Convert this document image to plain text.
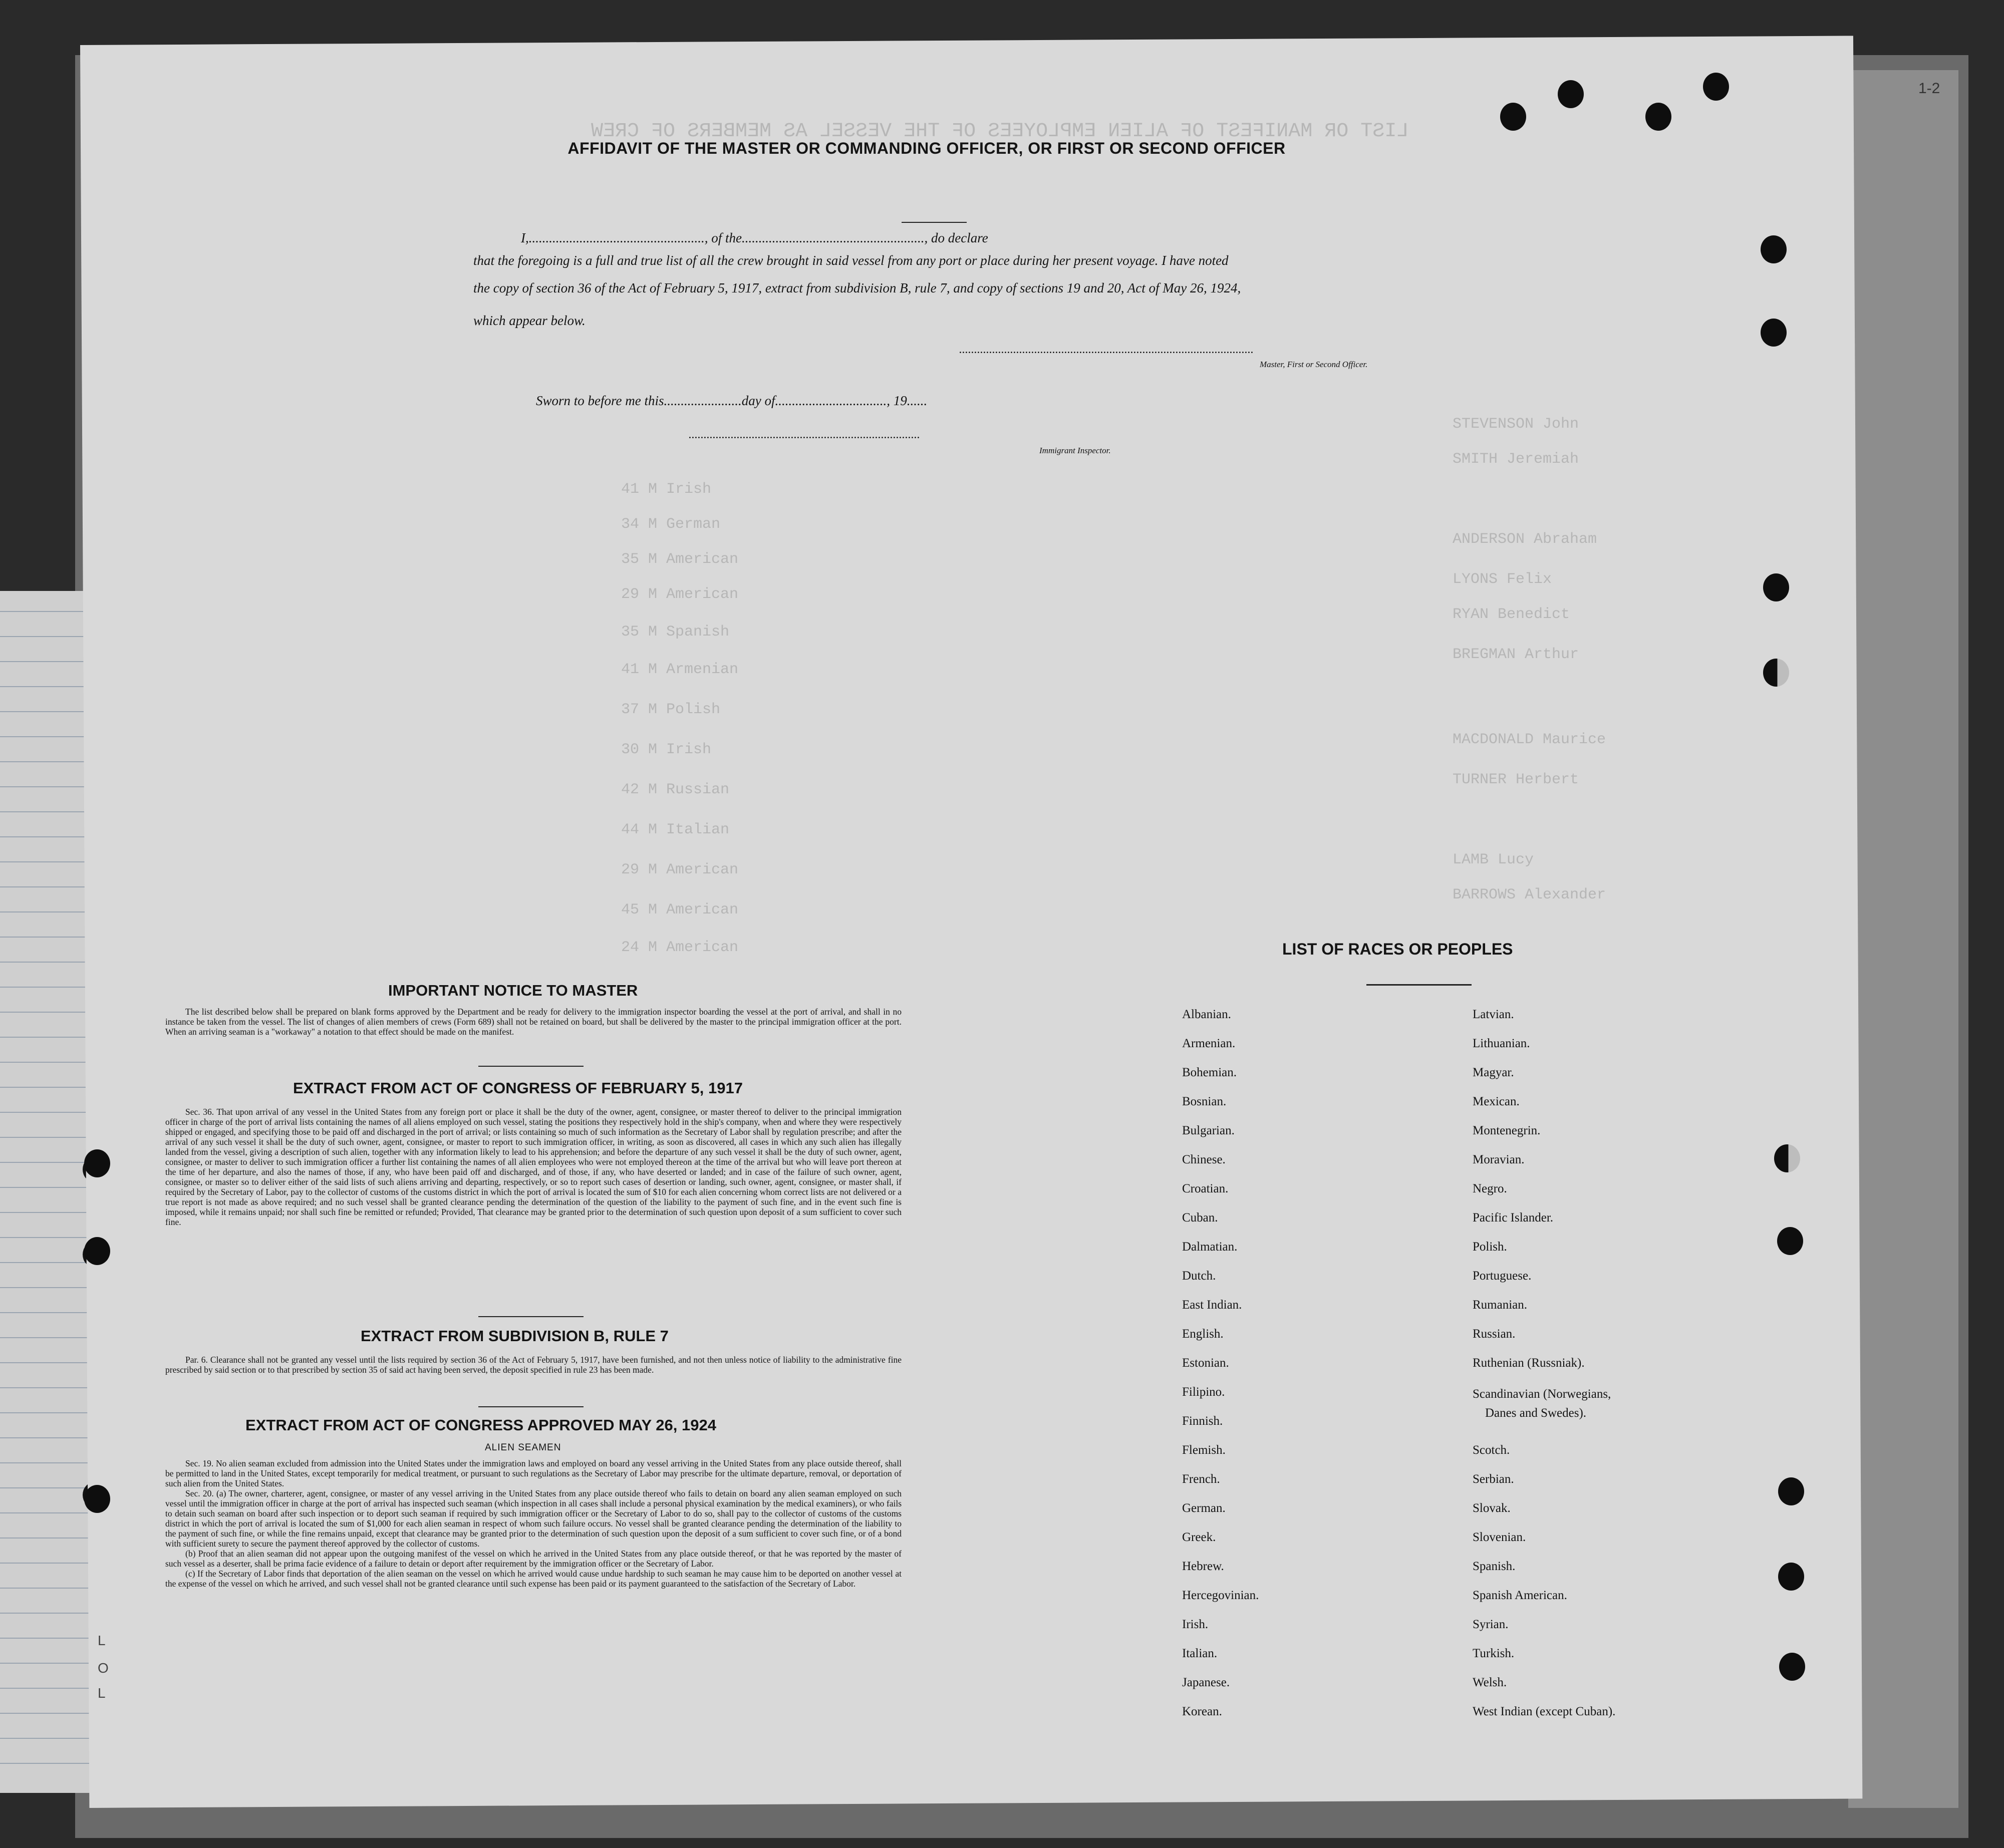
LIST OR MANIFEST OF ALIEN EMPLOYEES OF THE VESSEL AS MEMBERS OF CREW
41 M Irish
34 M German
35 M American
29 M American
35 M Spanish
41 M Armenian
37 M Polish
30 M Irish
42 M Russian
44 M Italian
29 M American
45 M American
24 M American
STEVENSON John
SMITH Jeremiah
ANDERSON Abraham
LYONS Felix
RYAN Benedict
BREGMAN Arthur
MACDONALD Maurice
TURNER Herbert
LAMB Lucy
BARROWS Alexander
1-2
L
O
L
AFFIDAVIT OF THE MASTER OR COMMANDING OFFICER, OR FIRST OR SECOND OFFICER
I,...................................................., of the......................................................, do declare
that the foregoing is a full and true list of all the crew brought in said vessel from any port or place during her present voyage. I have noted
the copy of section 36 of the Act of February 5, 1917, extract from subdivision B, rule 7, and copy of sections 19 and 20, Act of May 26, 1924,
which appear below.
..................................................................................................
Master, First or Second Officer.
Sworn to before me this.......................day of................................., 19......
.............................................................................
Immigrant Inspector.
IMPORTANT NOTICE TO MASTER

The list described below shall be prepared on blank forms approved by the Department and be ready for delivery to the immigration inspector boarding the vessel at the port of arrival, and shall in no instance be taken from the vessel. The list of changes of alien members of crews (Form 689) shall not be retained on board, but shall be delivered by the master to the principal immigration officer at the port. When an arriving seaman is a "workaway" a notation to that effect should be made on the manifest.

EXTRACT FROM ACT OF CONGRESS OF FEBRUARY 5, 1917

Sec. 36. That upon arrival of any vessel in the United States from any foreign port or place it shall be the duty of the owner, agent, consignee, or master thereof to deliver to the principal immigration officer in charge of the port of arrival lists containing the names of all aliens employed on such vessel, stating the positions they respectively hold in the ship's company, when and where they were respectively shipped or engaged, and specifying those to be paid off and discharged in the port of arrival; or lists containing so much of such information as the Secretary of Labor shall by regulation prescribe; and after the arrival of any such vessel it shall be the duty of such owner, agent, consignee, or master to report to such immigration officer, in writing, as soon as discovered, all cases in which any such alien has illegally landed from the vessel, giving a description of such alien, together with any information likely to lead to his apprehension; and before the departure of any such vessel it shall be the duty of such owner, agent, consignee, or master to deliver to such immigration officer a further list containing the names of all alien employees who were not employed thereon at the time of the arrival but who will leave port thereon at the time of her departure, and also the names of those, if any, who have been paid off and discharged, and of those, if any, who have deserted or landed; and in case of the failure of such owner, agent, consignee, or master so to deliver either of the said lists of such aliens arriving and departing, respectively, or so to report such cases of desertion or landing, such owner, agent, consignee, or master shall, if required by the Secretary of Labor, pay to the collector of customs of the customs district in which the port of arrival is located the sum of $10 for each alien concerning whom correct lists are not delivered or a true report is not made as above required; and no such vessel shall be granted clearance pending the determination of the question of the liability to the payment of such fine, and in the event such fine is imposed, while it remains unpaid; nor shall such fine be remitted or refunded; Provided, That clearance may be granted prior to the determination of such question upon deposit of a sum sufficient to cover such fine.

EXTRACT FROM SUBDIVISION B, RULE 7

Par. 6. Clearance shall not be granted any vessel until the lists required by section 36 of the Act of February 5, 1917, have been furnished, and not then unless notice of liability to the administrative fine prescribed by said section or to that prescribed by section 35 of said act having been served, the deposit specified in rule 23 has been made.

EXTRACT FROM ACT OF CONGRESS APPROVED MAY 26, 1924
ALIEN SEAMEN

Sec. 19. No alien seaman excluded from admission into the United States under the immigration laws and employed on board any vessel arriving in the United States from any place outside thereof, shall be permitted to land in the United States, except temporarily for medical treatment, or pursuant to such regulations as the Secretary of Labor may prescribe for the ultimate departure, removal, or deportation of such alien from the United States.

Sec. 20. (a) The owner, charterer, agent, consignee, or master of any vessel arriving in the United States from any place outside thereof who fails to detain on board any alien seaman employed on such vessel until the immigration officer in charge at the port of arrival has inspected such seaman (which inspection in all cases shall include a personal physical examination by the medical examiners), or who fails to detain such seaman on board after such inspection or to deport such seaman if required by such immigration officer or the Secretary of Labor to do so, shall pay to the collector of customs of the customs district in which the port of arrival is located the sum of $1,000 for each alien seaman in respect of whom such failure occurs. No vessel shall be granted clearance pending the determination of the liability to the payment of such fine, or while the fine remains unpaid, except that clearance may be granted prior to the determination of such question upon the deposit of a sum sufficient to cover such fine, or of a bond with sufficient surety to secure the payment thereof approved by the collector of customs.

(b) Proof that an alien seaman did not appear upon the outgoing manifest of the vessel on which he arrived in the United States from any place outside thereof, or that he was reported by the master of such vessel as a deserter, shall be prima facie evidence of a failure to detain or deport after requirement by the immigration officer or the Secretary of Labor.

(c) If the Secretary of Labor finds that deportation of the alien seaman on the vessel on which he arrived would cause undue hardship to such seaman he may cause him to be deported on another vessel at the expense of the vessel on which he arrived, and such vessel shall not be granted clearance until such expense has been paid or its payment guaranteed to the satisfaction of the Secretary of Labor.

LIST OF RACES OR PEOPLES
Albanian.
Armenian.
Bohemian.
Bosnian.
Bulgarian.
Chinese.
Croatian.
Cuban.
Dalmatian.
Dutch.
East Indian.
English.
Estonian.
Filipino.
Finnish.
Flemish.
French.
German.
Greek.
Hebrew.
Hercegovinian.
Irish.
Italian.
Japanese.
Korean.
Latvian.
Lithuanian.
Magyar.
Mexican.
Montenegrin.
Moravian.
Negro.
Pacific Islander.
Polish.
Portuguese.
Rumanian.
Russian.
Ruthenian (Russniak).
Scandinavian (Norwegians,
Danes and Swedes).
Scotch.
Serbian.
Slovak.
Slovenian.
Spanish.
Spanish American.
Syrian.
Turkish.
Welsh.
West Indian (except Cuban).
